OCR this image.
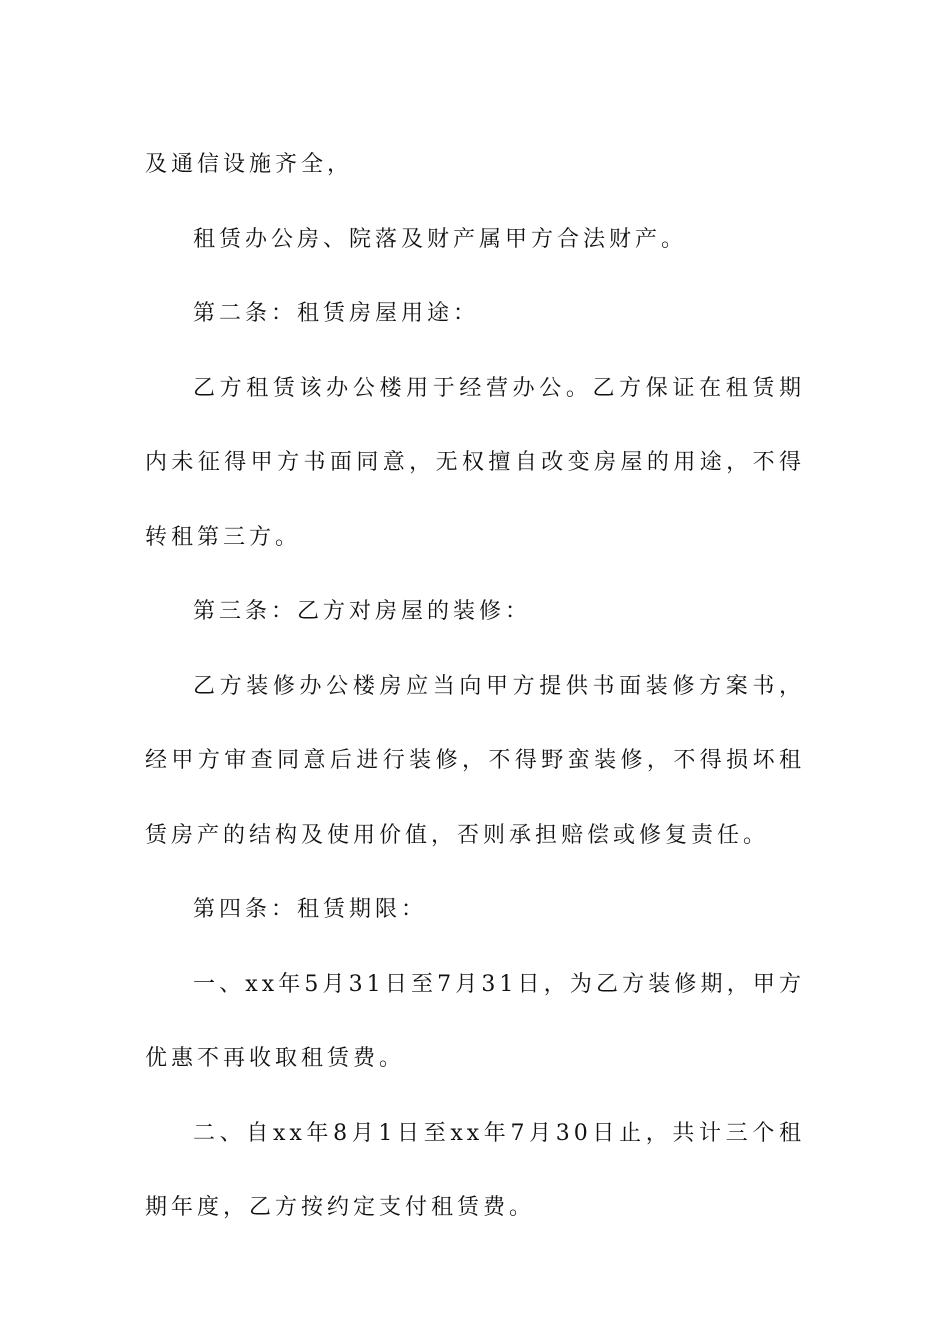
及通信设施齐全，

租赁办公房、院落及财产属甲方合法财产。

第二条：租赁房屋用途：

乙方租赁该办公楼用于经营办公。乙方保证在租赁期内未征得甲方书面同意，无权擅自改变房屋的用途，不得转租第三方。

第三条：乙方对房屋的装修：

乙方装修办公楼房应当向甲方提供书面装修方案书，经甲方审查同意后进行装修，不得野蛮装修，不得损坏租赁房产的结构及使用价值，否则承担赔偿或修复责任。

第四条：租赁期限：

一、xx年5月31日至7月31日，为乙方装修期，甲方优惠不再收取租赁费。

二、自xx年8月1日至xx年7月30日止，共计三个租期年度，乙方按约定支付租赁费。
